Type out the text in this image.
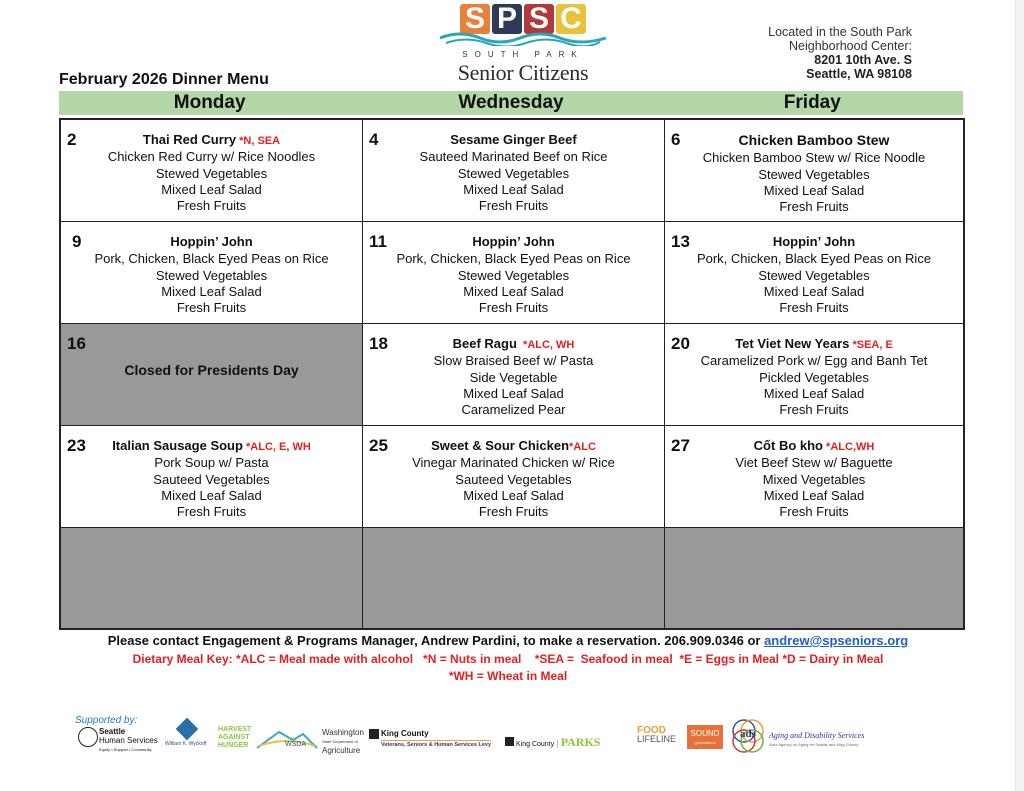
S P S C
SOUTH PARK
Senior Citizens
Located in the South Park
Neighborhood Center:
8201 10th Ave. S
Seattle, WA 98108
February 2026 Dinner Menu
Monday	Wednesday	Friday
2	Thai Red Curry *N, SEA
Chicken Red Curry w/ Rice Noodles
Stewed Vegetables
Mixed Leaf Salad
Fresh Fruits
4	Sesame Ginger Beef
Sauteed Marinated Beef on Rice
Stewed Vegetables
Mixed Leaf Salad
Fresh Fruits
6	Chicken Bamboo Stew
Chicken Bamboo Stew w/ Rice Noodle
Stewed Vegetables
Mixed Leaf Salad
Fresh Fruits
9	Hoppin’ John
Pork, Chicken, Black Eyed Peas on Rice
Stewed Vegetables
Mixed Leaf Salad
Fresh Fruits
11	Hoppin’ John
Pork, Chicken, Black Eyed Peas on Rice
Stewed Vegetables
Mixed Leaf Salad
Fresh Fruits
13	Hoppin’ John
Pork, Chicken, Black Eyed Peas on Rice
Stewed Vegetables
Mixed Leaf Salad
Fresh Fruits
16
Closed for Presidents Day
18	Beef Ragu  *ALC, WH
Slow Braised Beef w/ Pasta
Side Vegetable
Mixed Leaf Salad
Caramelized Pear
20	Tet Viet New Years *SEA, E
Caramelized Pork w/ Egg and Banh Tet
Pickled Vegetables
Mixed Leaf Salad
Fresh Fruits
23	Italian Sausage Soup *ALC, E, WH
Pork Soup w/ Pasta
Sauteed Vegetables
Mixed Leaf Salad
Fresh Fruits
25	Sweet & Sour Chicken*ALC
Vinegar Marinated Chicken w/ Rice
Sauteed Vegetables
Mixed Leaf Salad
Fresh Fruits
27	Cốt Bo kho *ALC,WH
Viet Beef Stew w/ Baguette
Mixed Vegetables
Mixed Leaf Salad
Fresh Fruits
Please contact Engagement & Programs Manager, Andrew Pardini, to make a reservation. 206.909.0346 or andrew@spseniors.org
Dietary Meal Key: *ALC = Meal made with alcohol   *N = Nuts in meal    *SEA =  Seafood in meal  *E = Eggs in Meal *D = Dairy in Meal
*WH = Wheat in Meal
Supported by:
Seattle
Human Services
Equity • Support • Community
William K. Wyckoff
HARVEST AGAINST HUNGER	WSDA
Washington
State Department of
Agriculture
King County
Veterans, Seniors & Human Services Levy	King County | PARKS
FOOD
LIFELINE
SOUND
generations
ads Aging and Disability Services
Area Agency on Aging for Seattle and King County
